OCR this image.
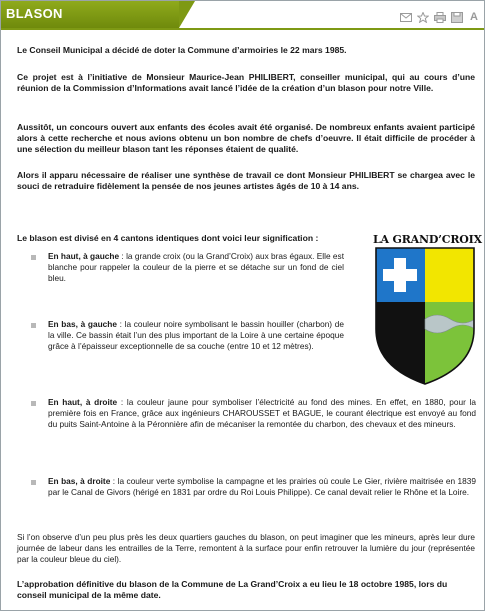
BLASON	A

Le Conseil Municipal a décidé de doter la Commune d’armoiries le 22 mars 1985.

Ce projet est à l’initiative de Monsieur Maurice-Jean PHILIBERT, conseiller municipal, qui au cours d’une réunion de la Commission d’Informations avait lancé l’idée de la création d’un blason pour notre Ville.

Aussitôt, un concours ouvert aux enfants des écoles avait été organisé. De nombreux enfants avaient participé alors à cette recherche et nous avions obtenu un bon nombre de chefs d’oeuvre. Il était difficile de procéder à une sélection du meilleur blason tant les réponses étaient de qualité.

Alors il apparu nécessaire de réaliser une synthèse de travail ce dont Monsieur PHILIBERT se chargea avec le souci de retraduire fidèlement la pensée de nos jeunes artistes âgés de 10 à 14 ans.

Le blason est divisé en 4 cantons identiques dont voici leur signification :

En haut, à gauche : la grande croix (ou la Grand’Croix) aux bras égaux. Elle est blanche pour rappeler la couleur de la pierre et se détache sur un fond de ciel bleu.
En bas, à gauche : la couleur noire symbolisant le bassin houiller (charbon) de la ville. Ce bassin était l’un des plus important de la Loire à une certaine époque grâce à l’épaisseur exceptionnelle de sa couche (entre 10 et 12 mètres).
En haut, à droite : la couleur jaune pour symboliser l’électricité au fond des mines. En effet, en 1880, pour la première fois en France, grâce aux ingénieurs CHAROUSSET et BAGUE, le courant électrique est envoyé au fond du puits Saint-Antoine à la Péronnière afin de mécaniser la remontée du charbon, des chevaux et des mineurs.
En bas, à droite : la couleur verte symbolise la campagne et les prairies où coule Le Gier, rivière maitrisée en 1839 par le Canal de Givors (hérigé en 1831 par ordre du Roi Louis Philippe). Ce canal devait relier le Rhône et la Loire.

Si l’on observe d’un peu plus près les deux quartiers gauches du blason, on peut imaginer que les mineurs, après leur dure journée de labeur dans les entrailles de la Terre, remontent à la surface pour enfin retrouver la lumière du jour (représentée par la couleur bleue du ciel).

L’approbation définitive du blason de la Commune de La Grand’Croix a eu lieu le 18 octobre 1985, lors du conseil municipal de la même date.

LA GRAND’CROIX
